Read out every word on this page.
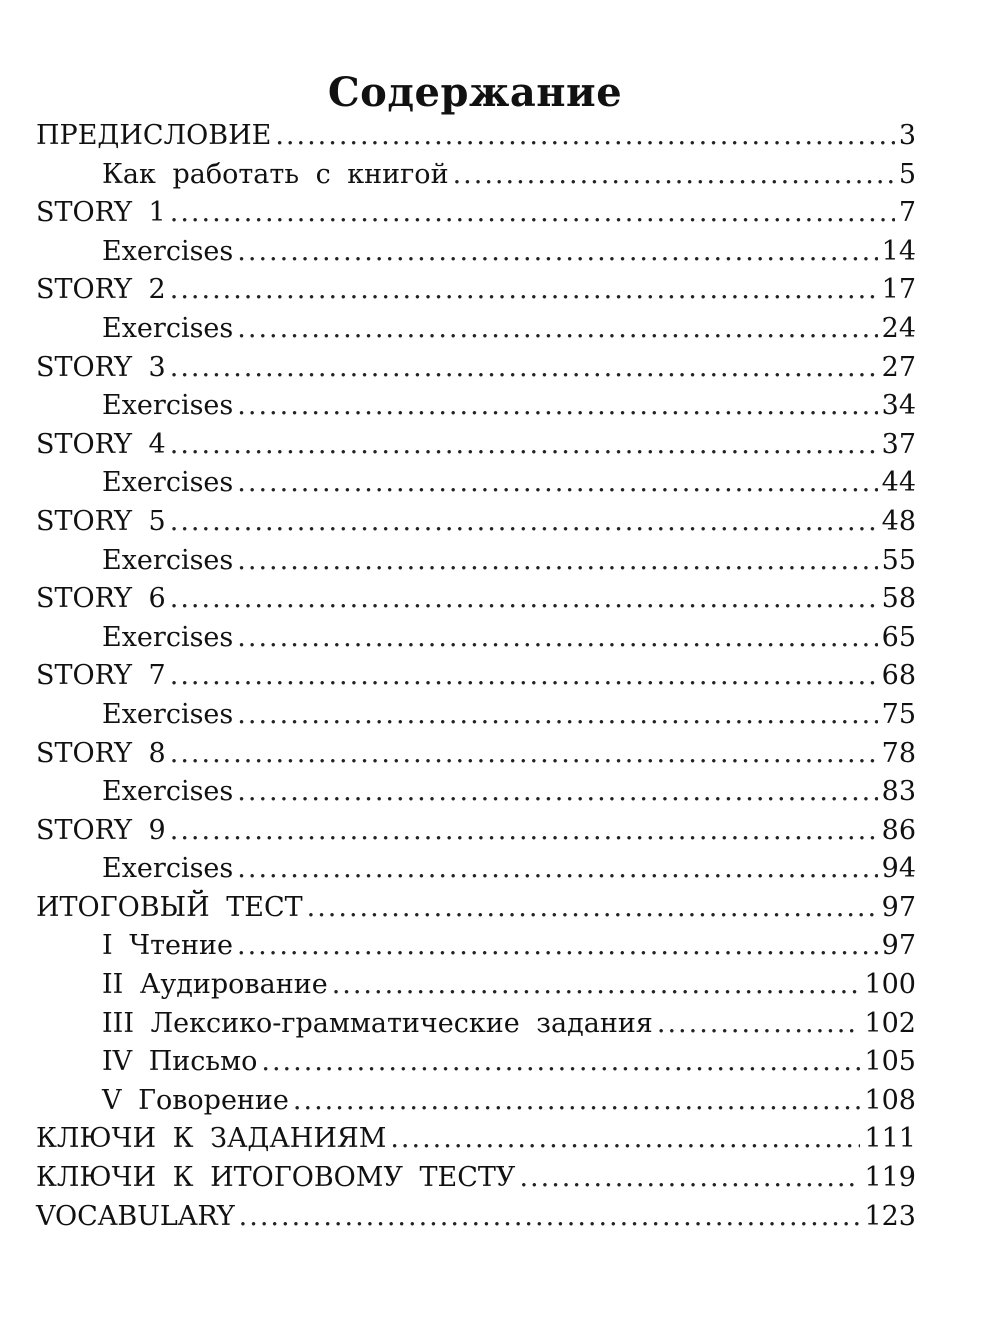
Содержание
ПРЕДИСЛОВИЕ .....	3
Как работать с книгой .....	5
STORY 1 .....	7
Exercises .....	14
STORY 2 .....	17
Exercises .....	24
STORY 3 .....	27
Exercises .....	34
STORY 4 .....	37
Exercises .....	44
STORY 5 .....	48
Exercises .....	55
STORY 6 .....	58
Exercises .....	65
STORY 7 .....	68
Exercises .....	75
STORY 8 .....	78
Exercises .....	83
STORY 9 .....	86
Exercises .....	94
ИТОГОВЫЙ ТЕСТ .....	97
I Чтение .....	97
II Аудирование .....	100
III Лексико-грамматические задания .....	102
IV Письмо .....	105
V Говорение .....	108
КЛЮЧИ К ЗАДАНИЯМ .....	111
КЛЮЧИ К ИТОГОВОМУ ТЕСТУ .....	119
VOCABULARY .....	123
